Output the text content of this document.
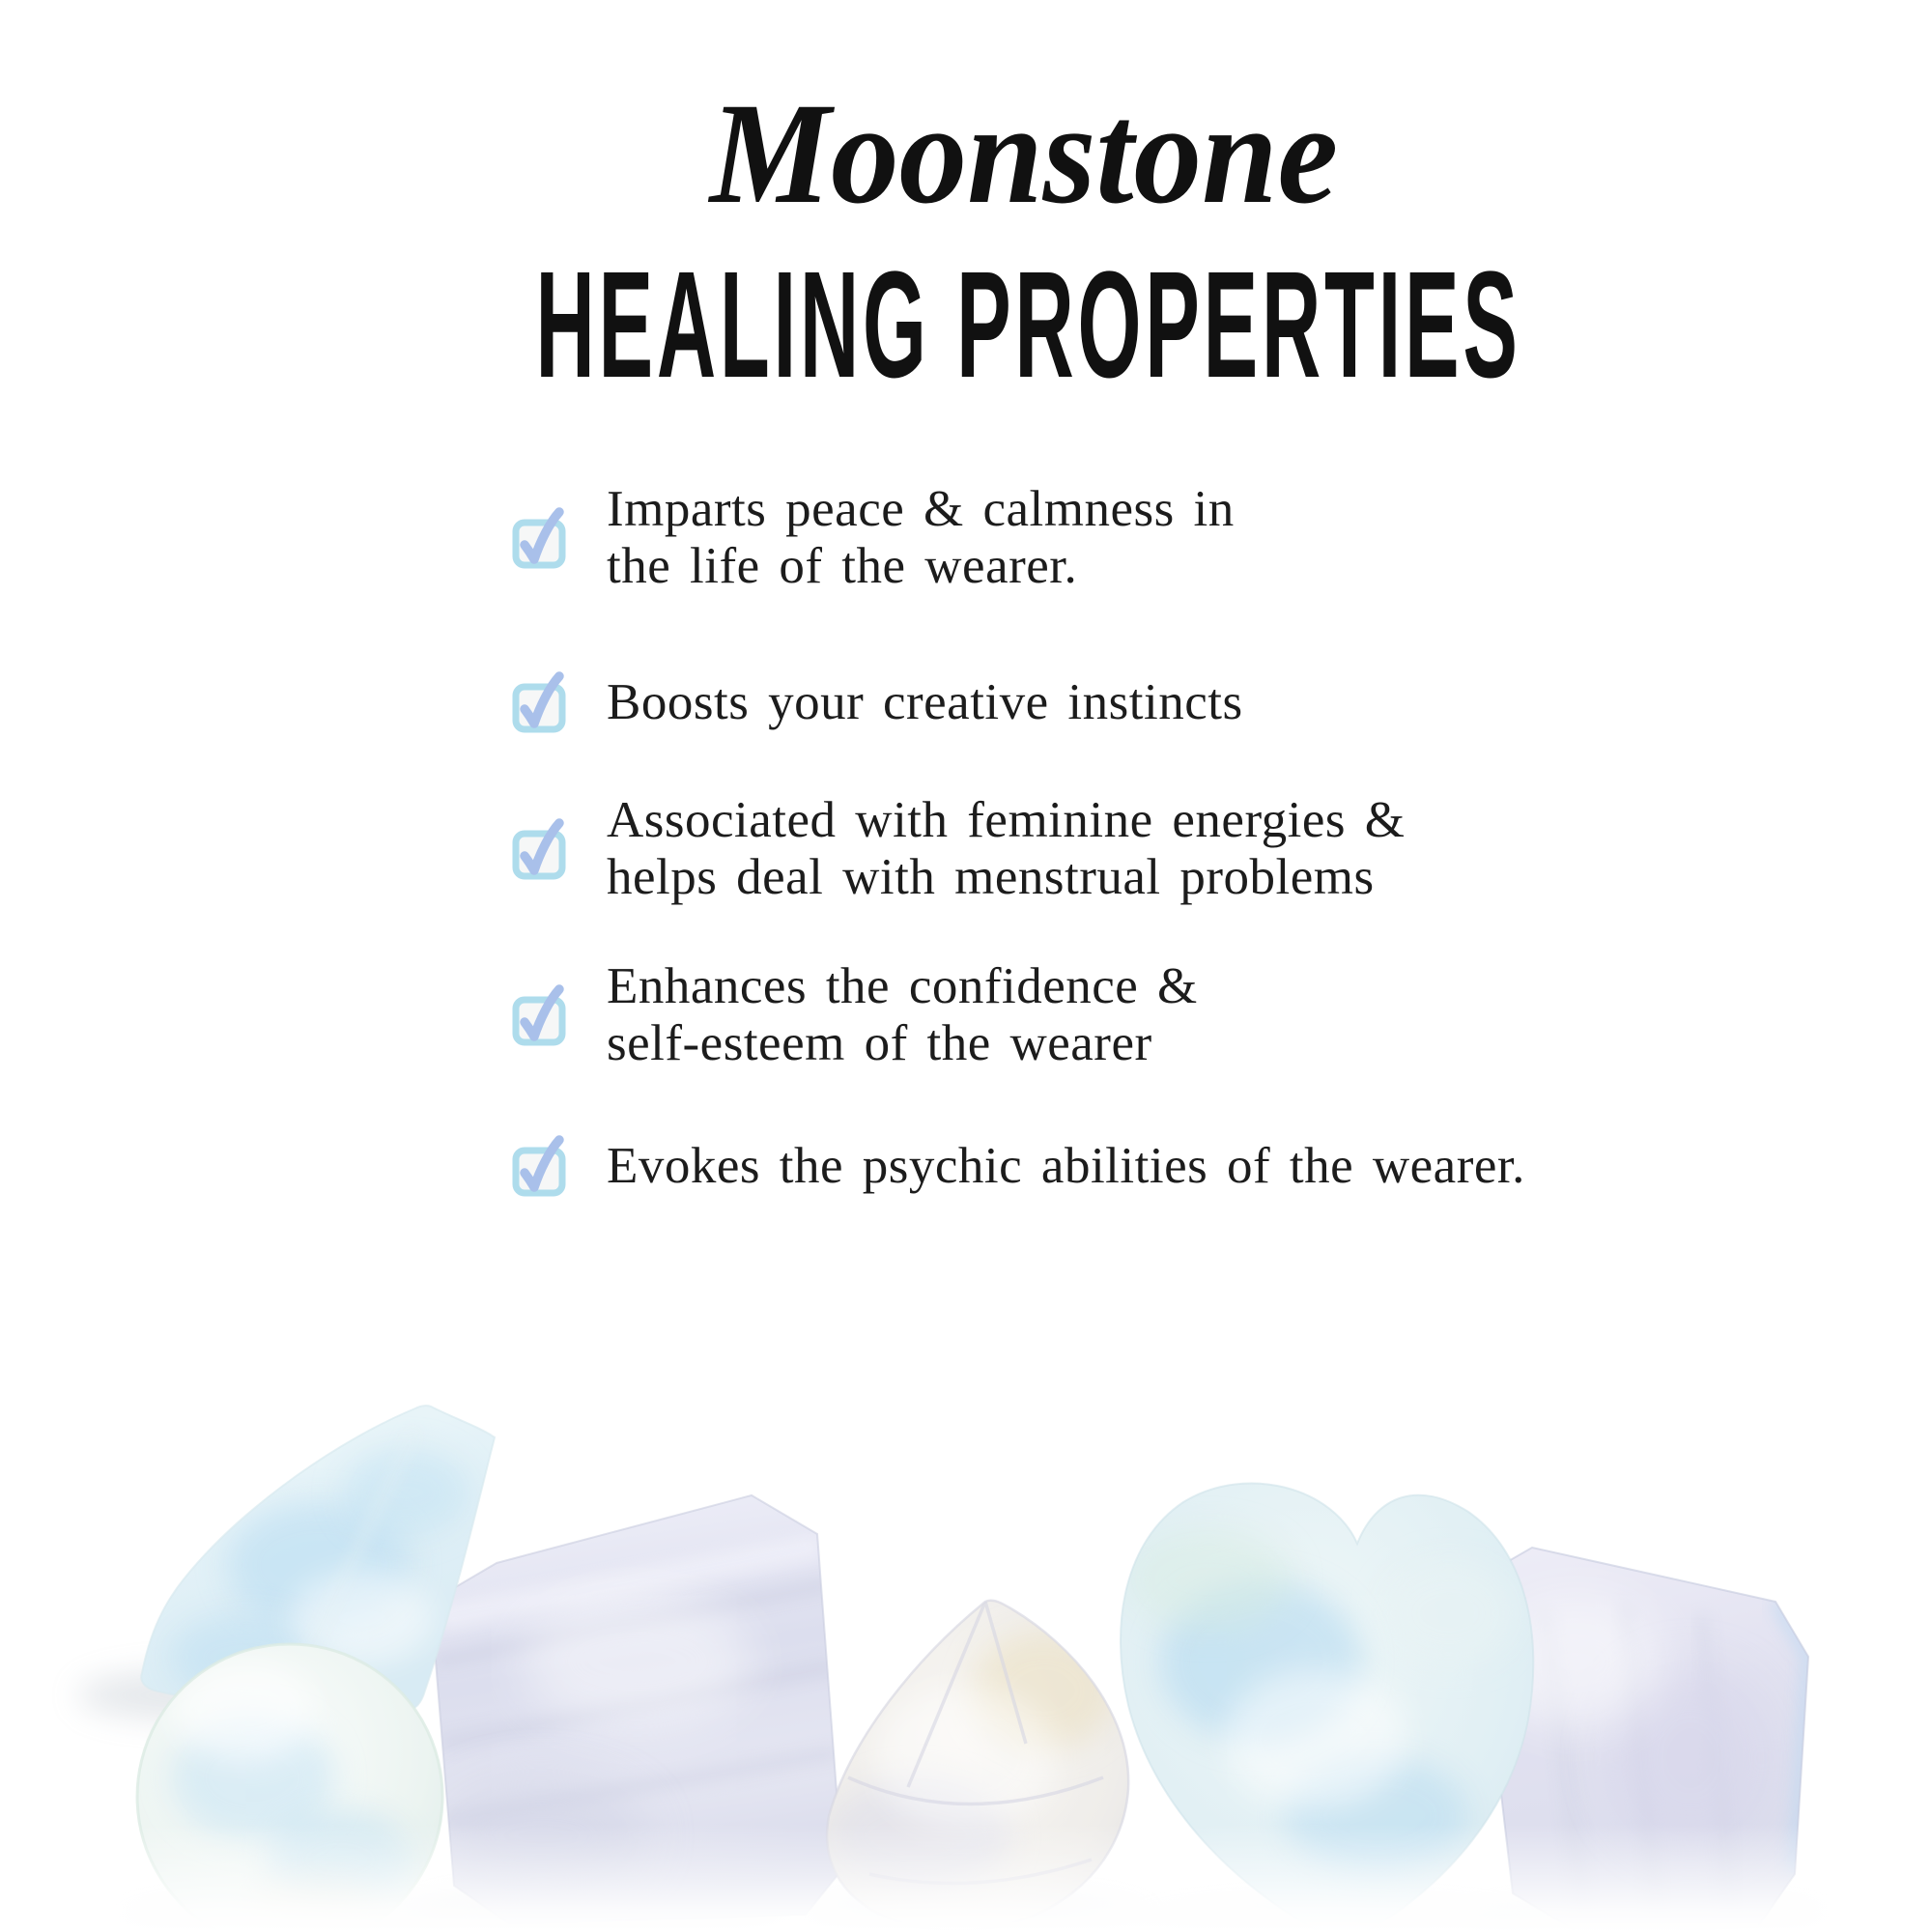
Moonstone
HEALING PROPERTIES
Imparts peace & calmness in
the life of the wearer.
Boosts your creative instincts
Associated with feminine energies &
helps deal with menstrual problems
Enhances the confidence &
self-esteem of the wearer
Evokes the psychic abilities of the wearer.
